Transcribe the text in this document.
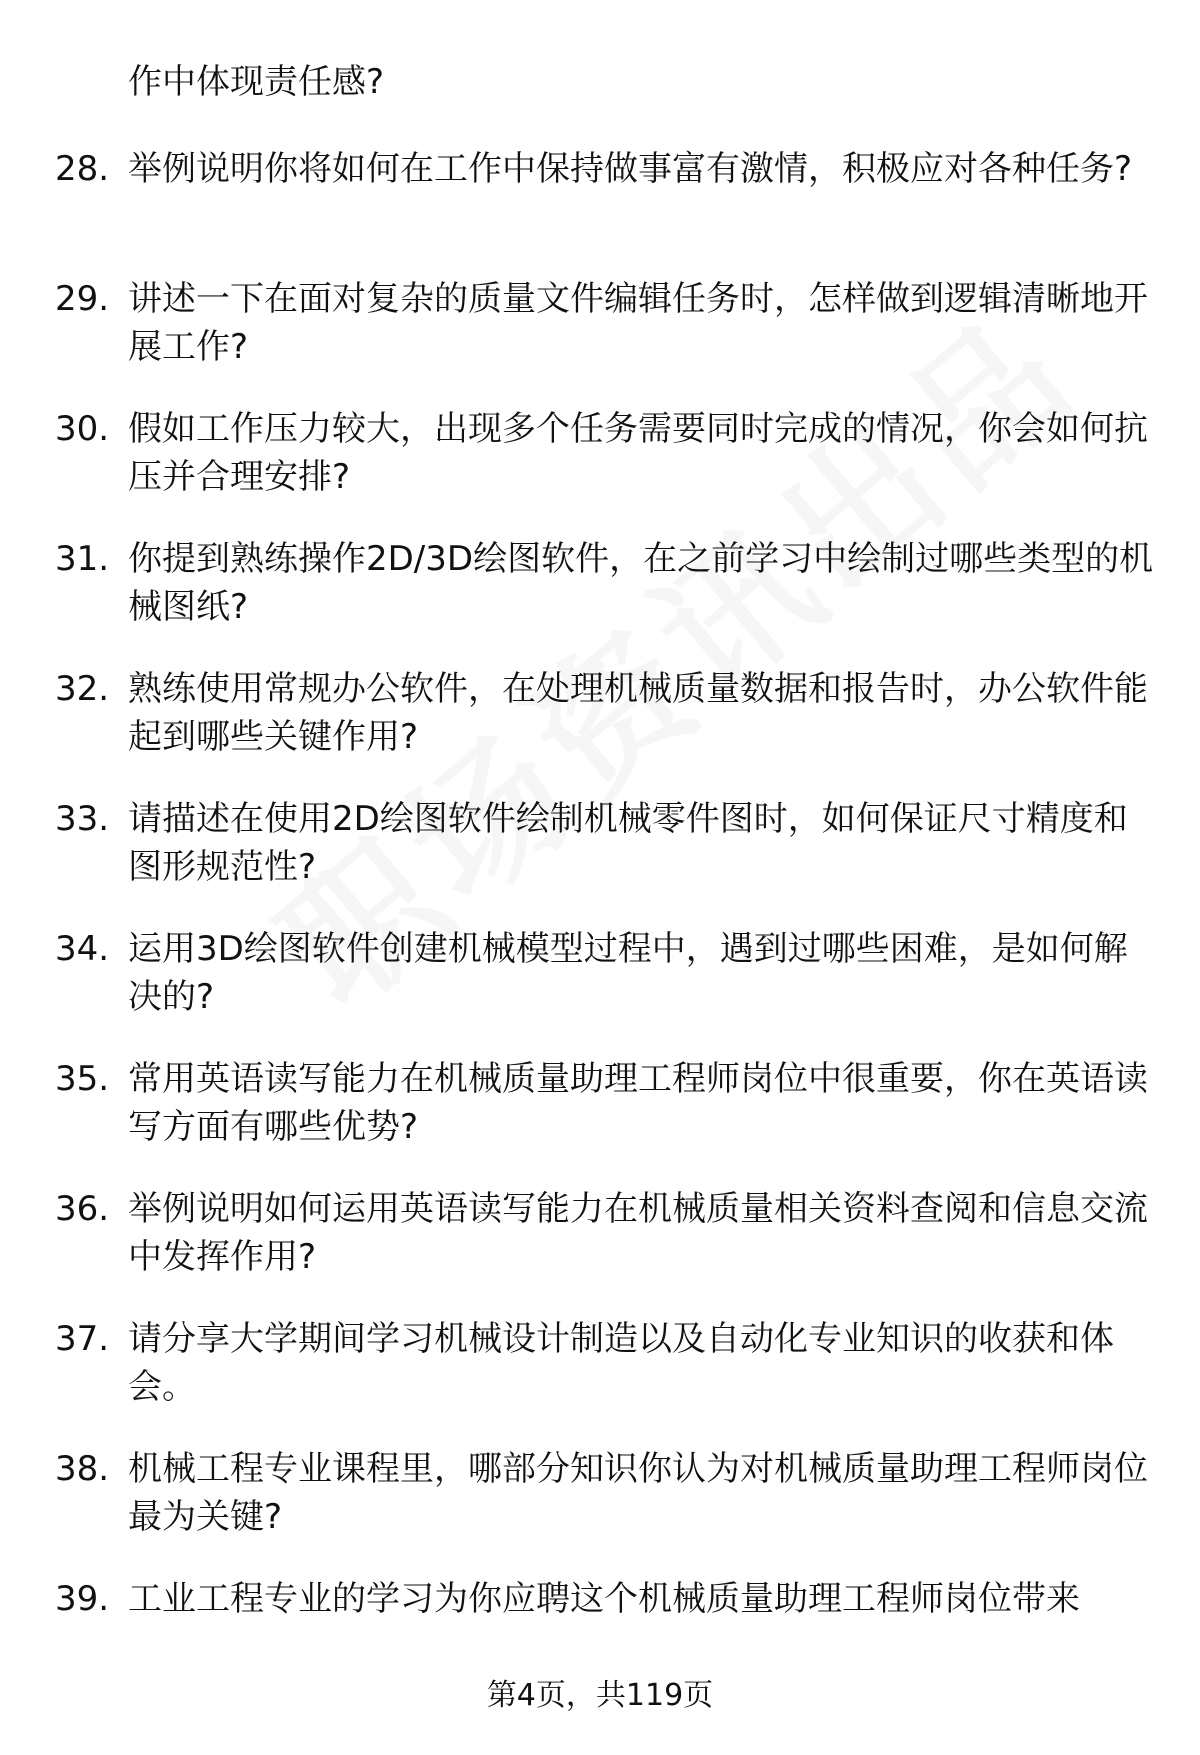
作中体现责任感?

28. 举例说明你将如何在工作中保持做事富有激情，积极应对各种任务?
29. 讲述一下在面对复杂的质量文件编辑任务时，怎样做到逻辑清晰地开展工作?
30. 假如工作压力较大，出现多个任务需要同时完成的情况，你会如何抗压并合理安排?
31. 你提到熟练操作2D/3D绘图软件，在之前学习中绘制过哪些类型的机械图纸?
32. 熟练使用常规办公软件，在处理机械质量数据和报告时，办公软件能起到哪些关键作用?
33. 请描述在使用2D绘图软件绘制机械零件图时，如何保证尺寸精度和图形规范性?
34. 运用3D绘图软件创建机械模型过程中，遇到过哪些困难，是如何解决的?
35. 常用英语读写能力在机械质量助理工程师岗位中很重要，你在英语读写方面有哪些优势?
36. 举例说明如何运用英语读写能力在机械质量相关资料查阅和信息交流中发挥作用?
37. 请分享大学期间学习机械设计制造以及自动化专业知识的收获和体会。
38. 机械工程专业课程里，哪部分知识你认为对机械质量助理工程师岗位最为关键?
39. 工业工程专业的学习为你应聘这个机械质量助理工程师岗位带来
第4页，共119页
